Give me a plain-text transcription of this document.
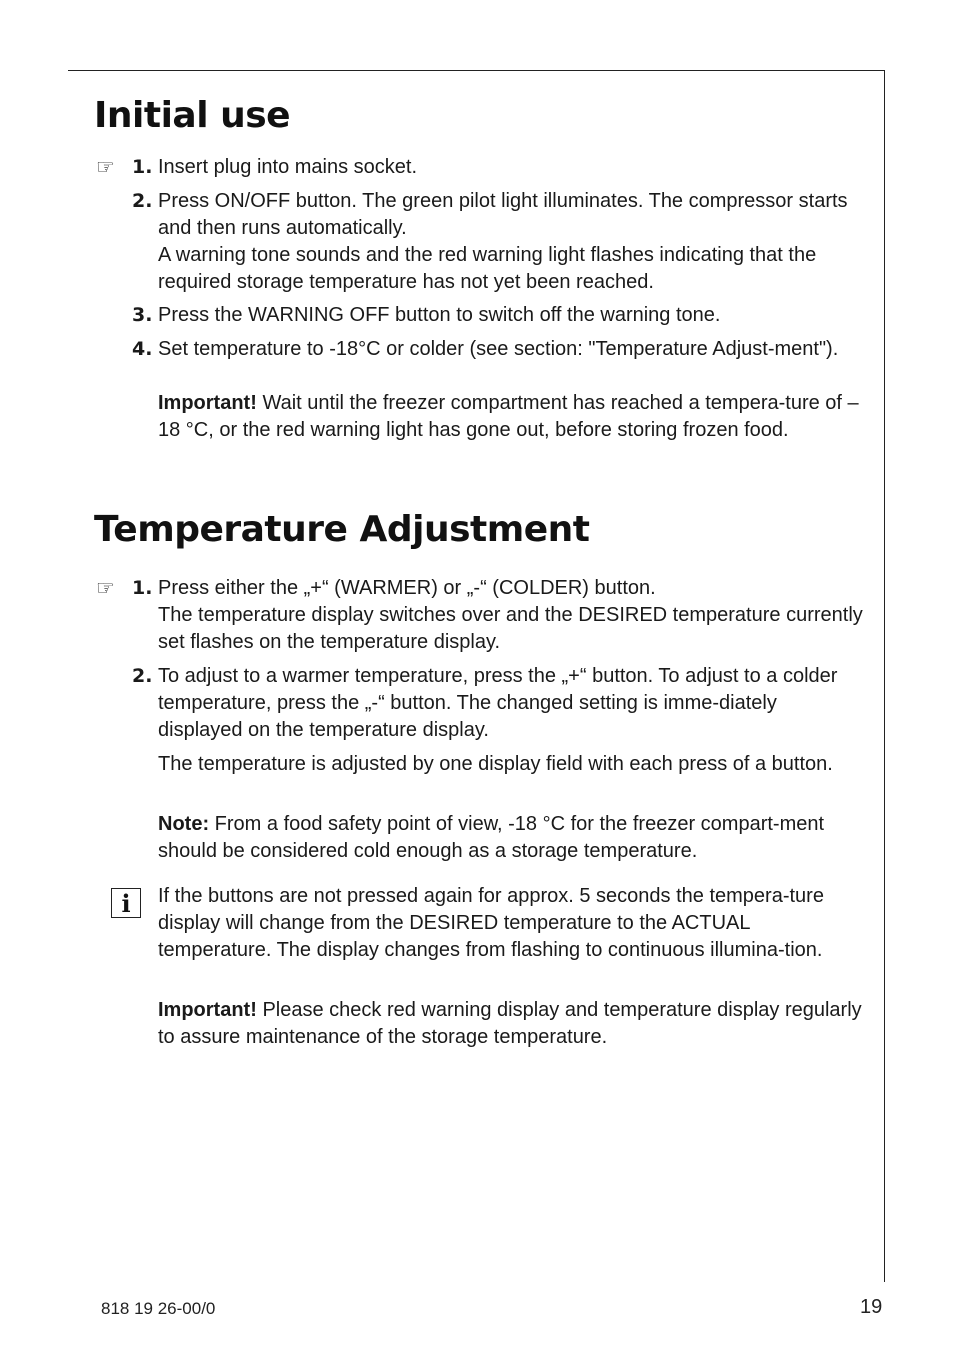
Initial use
☞ 1. Insert plug into mains socket.

2. Press ON/OFF button. The green pilot light illuminates. The compressor starts and then runs automatically.

A warning tone sounds and the red warning light flashes indicating that the required storage temperature has not yet been reached.

3. Press the WARNING OFF button to switch off the warning tone.

4. Set temperature to -18°C or colder (see section: "Temperature Adjust-ment").

Important! Wait until the freezer compartment has reached a tempera-ture of –18 °C, or the red warning light has gone out, before storing frozen food.

Temperature Adjustment
☞ 1. Press either the „+“ (WARMER) or „-“ (COLDER) button.

The temperature display switches over and the DESIRED temperature currently set flashes on the temperature display.

2. To adjust to a warmer temperature, press the „+“ button. To adjust to a colder temperature, press the „-“ button. The changed setting is imme-diately displayed on the temperature display.

The temperature is adjusted by one display field with each press of a button.

Note: From a food safety point of view, -18 °C for the freezer compart-ment should be considered cold enough as a storage temperature.

i	If the buttons are not pressed again for approx. 5 seconds the tempera-ture display will change from the DESIRED temperature to the ACTUAL temperature. The display changes from flashing to continuous illumina-tion.

Important! Please check red warning display and temperature display regularly to assure maintenance of the storage temperature.

818 19 26-00/0	19
